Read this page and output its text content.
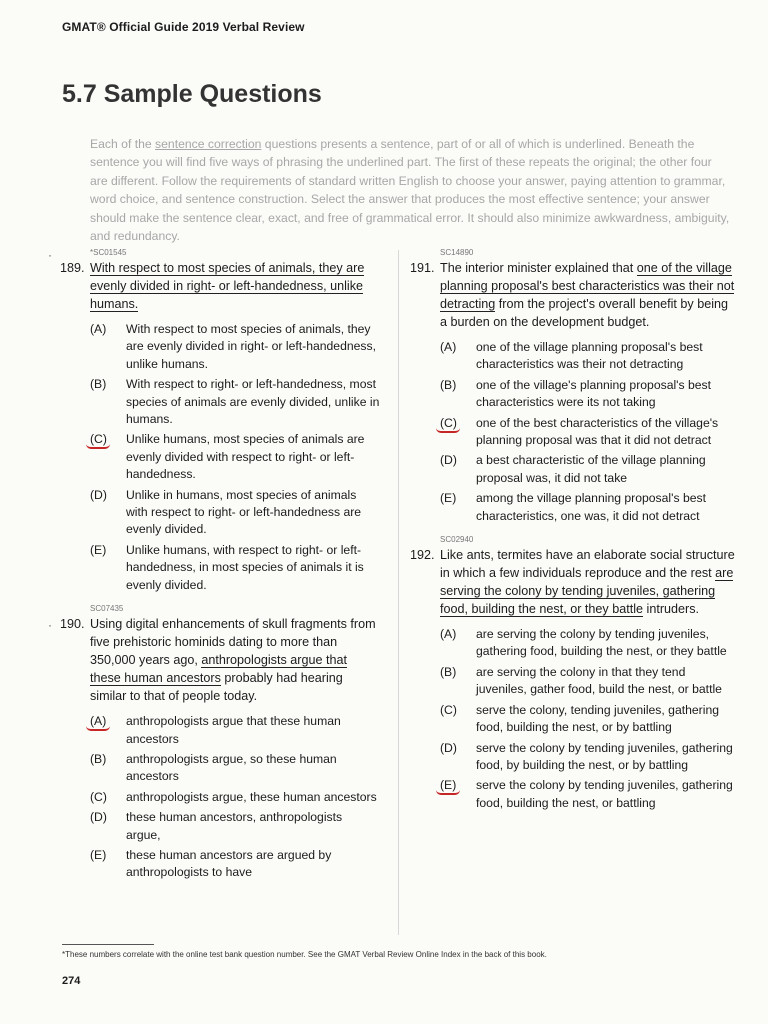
GMAT® Official Guide 2019 Verbal Review
5.7 Sample Questions
Each of the sentence correction questions presents a sentence, part of or all of which is underlined. Beneath the sentence you will find five ways of phrasing the underlined part. The first of these repeats the original; the other four are different. Follow the requirements of standard written English to choose your answer, paying attention to grammar, word choice, and sentence construction. Select the answer that produces the most effective sentence; your answer should make the sentence clear, exact, and free of grammatical error. It should also minimize awkwardness, ambiguity, and redundancy.
·	*SC01545
189. With respect to most species of animals, they are evenly divided in right- or left-handedness, unlike humans.
(A)	With respect to most species of animals, they are evenly divided in right- or left-handedness, unlike humans.
(B)	With respect to right- or left-handedness, most species of animals are evenly divided, unlike in humans.
(C)	Unlike humans, most species of animals are evenly divided with respect to right- or left-handedness.
(D)	Unlike in humans, most species of animals with respect to right- or left-handedness are evenly divided.
(E)	Unlike humans, with respect to right- or left-handedness, in most species of animals it is evenly divided.
·
SC07435
190. Using digital enhancements of skull fragments from five prehistoric hominids dating to more than 350,000 years ago, anthropologists argue that these human ancestors probably had hearing similar to that of people today.
(A)	anthropologists argue that these human ancestors
(B)	anthropologists argue, so these human ancestors
(C)	anthropologists argue, these human ancestors
(D)	these human ancestors, anthropologists argue,
(E)	these human ancestors are argued by anthropologists to have
SC14890
191. The interior minister explained that one of the village planning proposal's best characteristics was their not detracting from the project's overall benefit by being a burden on the development budget.
(A)	one of the village planning proposal's best characteristics was their not detracting
(B)	one of the village's planning proposal's best characteristics were its not taking
(C)	one of the best characteristics of the village's planning proposal was that it did not detract
(D)	a best characteristic of the village planning proposal was, it did not take
(E)	among the village planning proposal's best characteristics, one was, it did not detract
SC02940
192. Like ants, termites have an elaborate social structure in which a few individuals reproduce and the rest are serving the colony by tending juveniles, gathering food, building the nest, or they battle intruders.
(A)	are serving the colony by tending juveniles, gathering food, building the nest, or they battle
(B)	are serving the colony in that they tend juveniles, gather food, build the nest, or battle
(C)	serve the colony, tending juveniles, gathering food, building the nest, or by battling
(D)	serve the colony by tending juveniles, gathering food, by building the nest, or by battling
(E)	serve the colony by tending juveniles, gathering food, building the nest, or battling
*These numbers correlate with the online test bank question number. See the GMAT Verbal Review Online Index in the back of this book.
274
